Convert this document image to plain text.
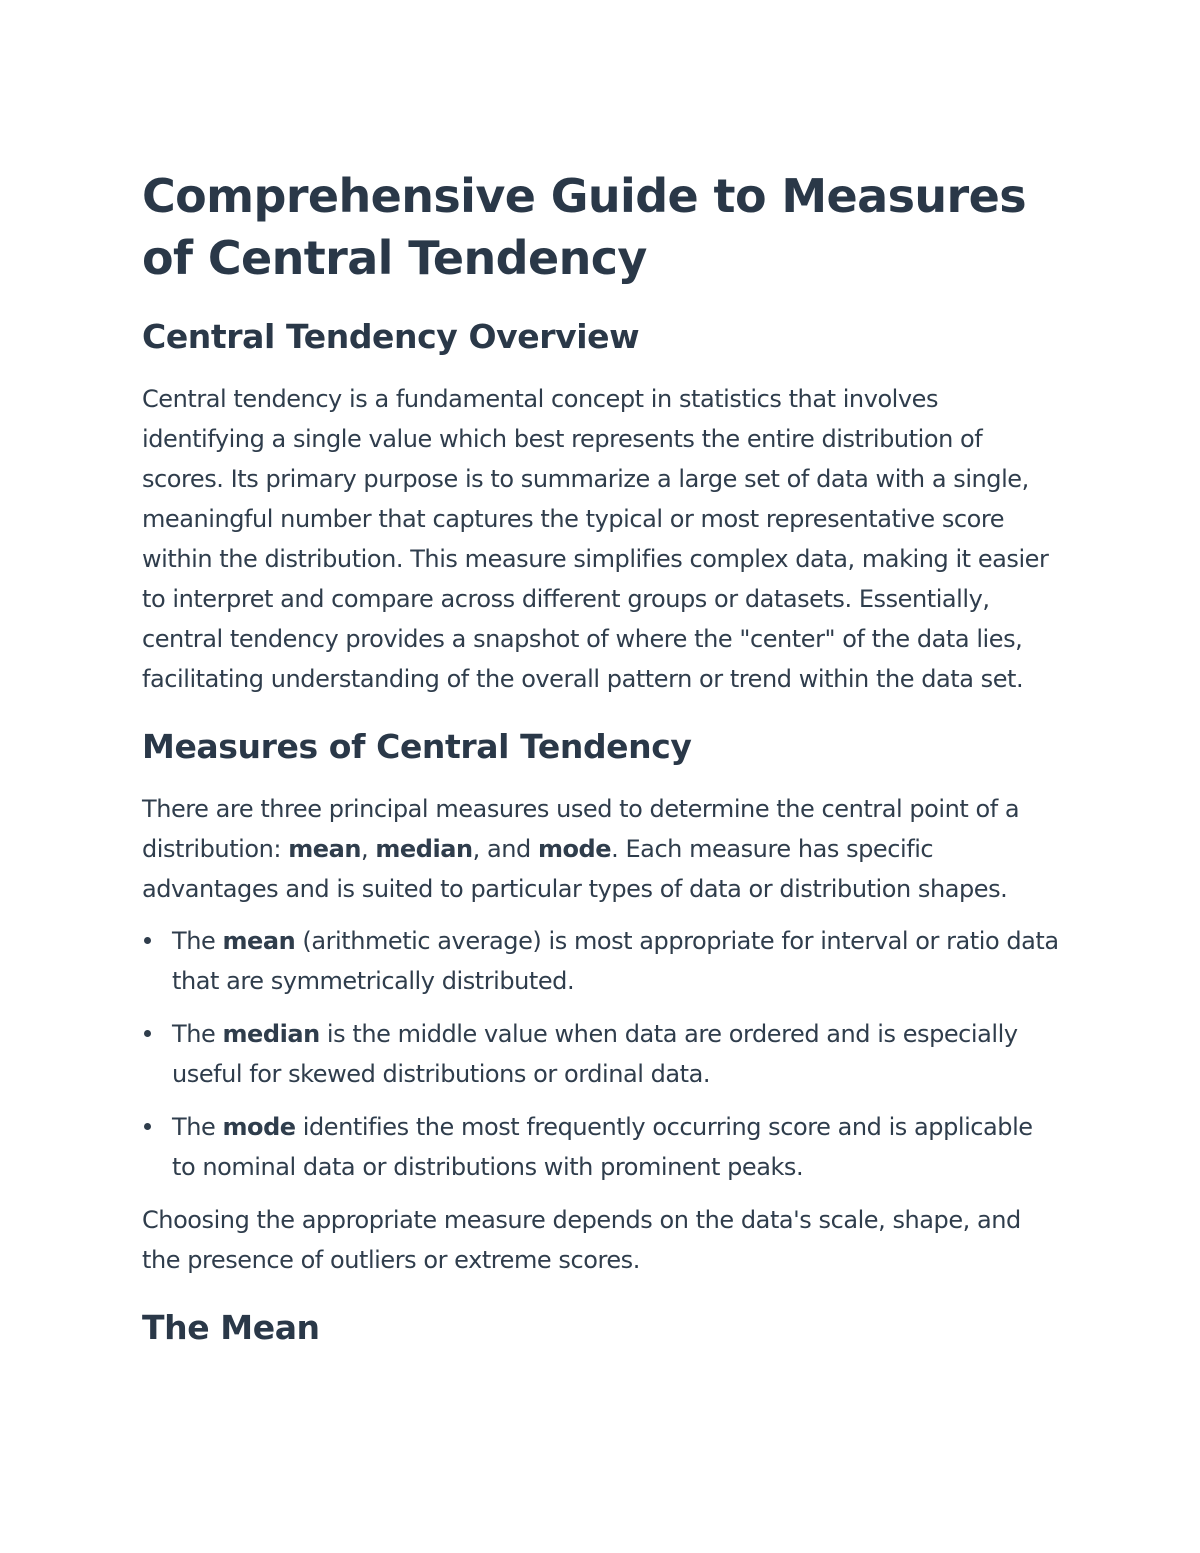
Comprehensive Guide to Measures of Central Tendency
Central Tendency Overview

Central tendency is a fundamental concept in statistics that involves identifying a single value which best represents the entire distribution of scores. Its primary purpose is to summarize a large set of data with a single, meaningful number that captures the typical or most representative score within the distribution. This measure simplifies complex data, making it easier to interpret and compare across different groups or datasets. Essentially, central tendency provides a snapshot of where the "center" of the data lies, facilitating understanding of the overall pattern or trend within the data set.

Measures of Central Tendency

There are three principal measures used to determine the central point of a distribution: mean, median, and mode. Each measure has specific advantages and is suited to particular types of data or distribution shapes.

The mean (arithmetic average) is most appropriate for interval or ratio data that are symmetrically distributed.
The median is the middle value when data are ordered and is especially useful for skewed distributions or ordinal data.
The mode identifies the most frequently occurring score and is applicable to nominal data or distributions with prominent peaks.

Choosing the appropriate measure depends on the data's scale, shape, and the presence of outliers or extreme scores.

The Mean
